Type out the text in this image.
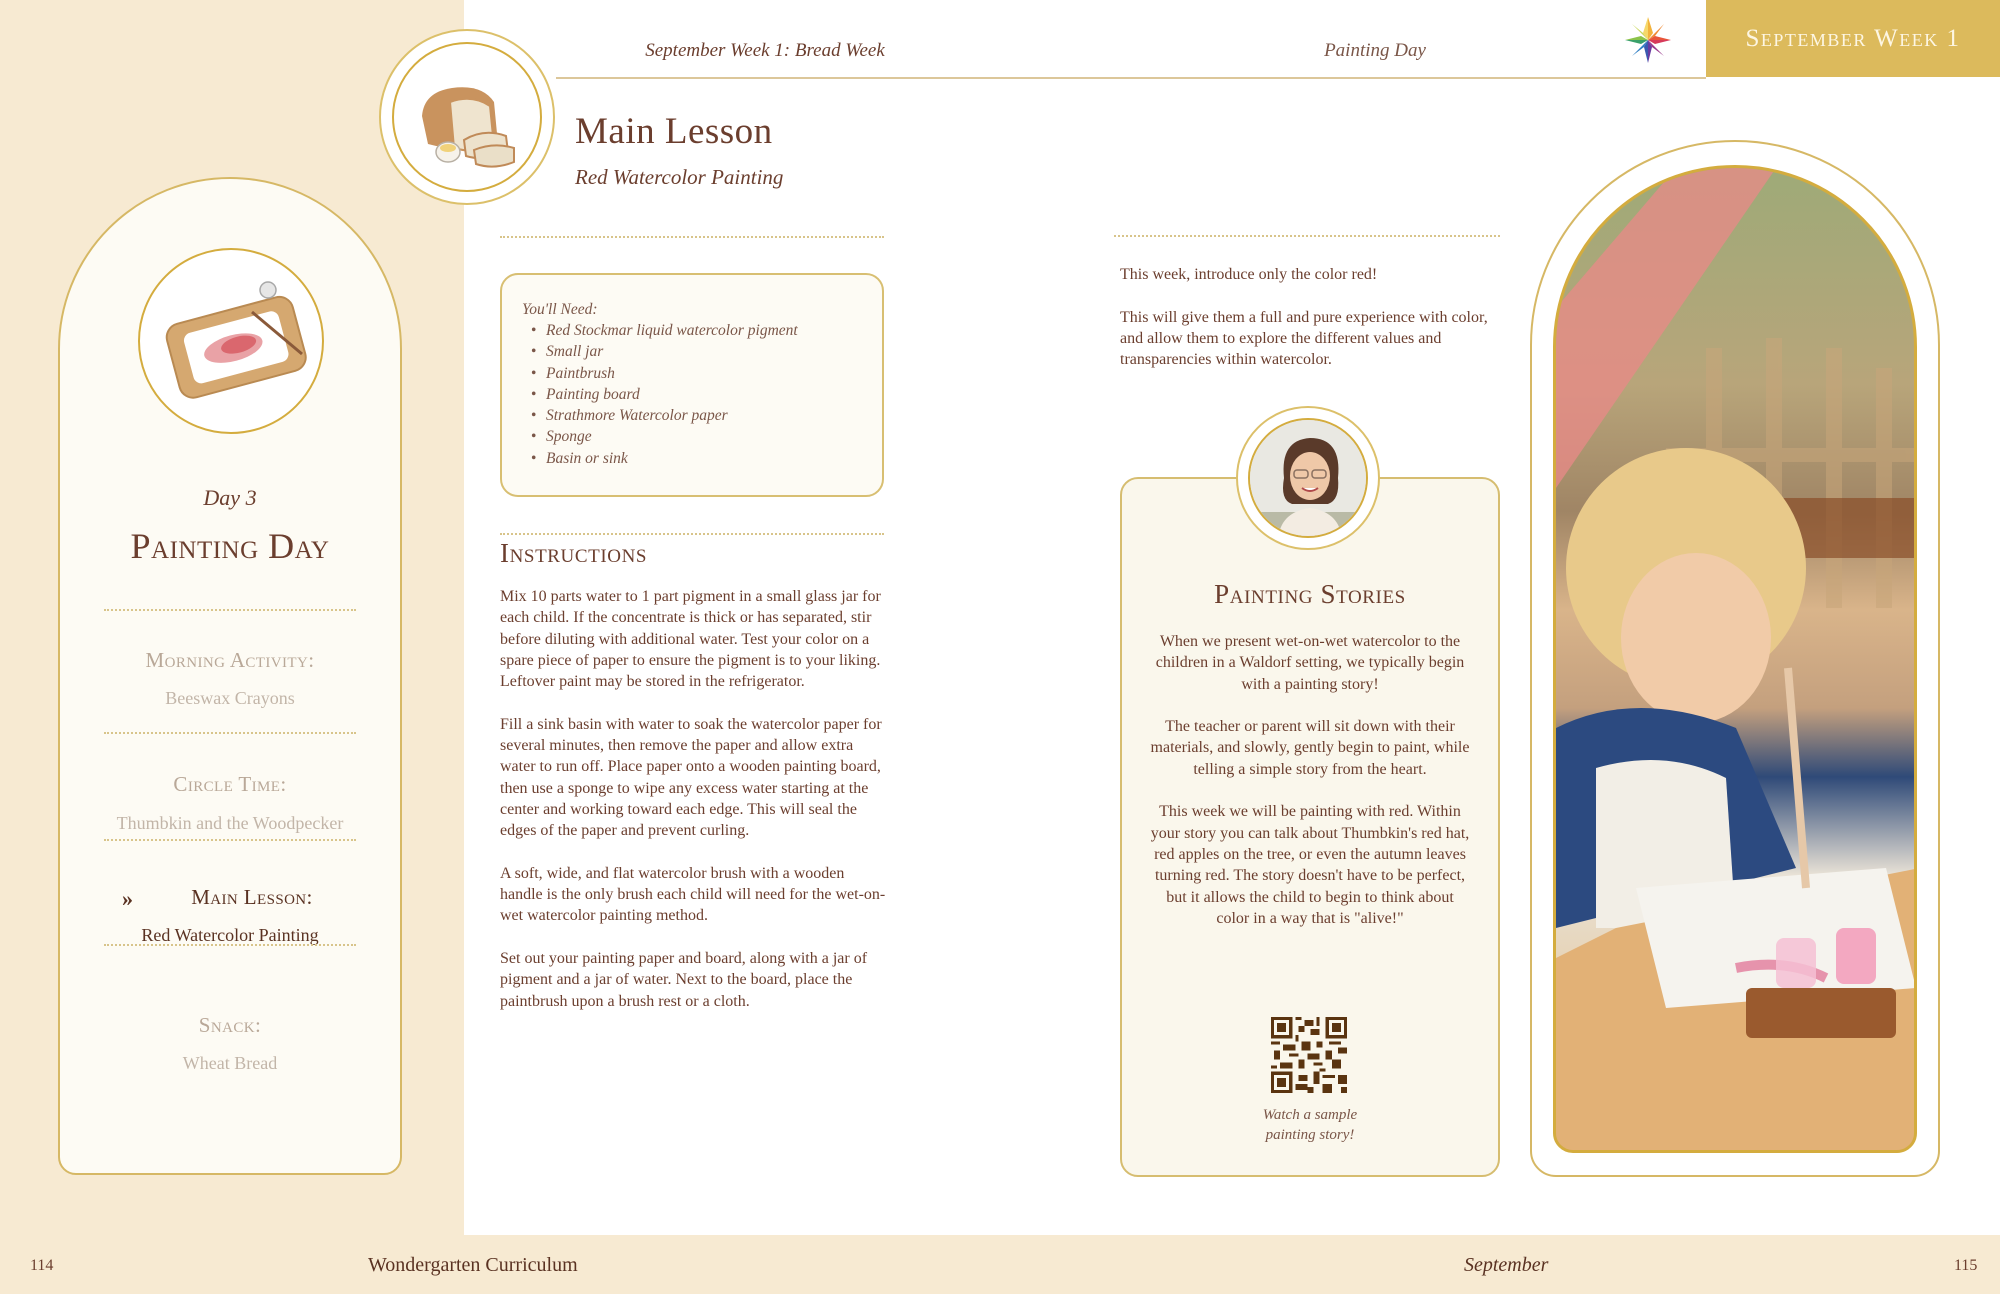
September Week 1: Bread Week	Painting Day	September Week 1
Main Lesson
Red Watercolor Painting
Day 3
Painting Day
Morning Activity:
Beeswax Crayons
Circle Time:
Thumbkin and the Woodpecker
»	Main Lesson:
Red Watercolor Painting
Snack:
Wheat Bread
You'll Need:
• Red Stockmar liquid watercolor pigment
• Small jar
• Paintbrush
• Painting board
• Strathmore Watercolor paper
• Sponge
• Basin or sink
Instructions

Mix 10 parts water to 1 part pigment in a small glass jar for each child. If the concentrate is thick or has separated, stir before diluting with additional water. Test your color on a spare piece of paper to ensure the pigment is to your liking. Leftover paint may be stored in the refrigerator.

Fill a sink basin with water to soak the watercolor paper for several minutes, then remove the paper and allow extra water to run off. Place paper onto a wooden painting board, then use a sponge to wipe any excess water starting at the center and working toward each edge. This will seal the edges of the paper and prevent curling.

A soft, wide, and flat watercolor brush with a wooden handle is the only brush each child will need for the wet-on-wet watercolor painting method.

Set out your painting paper and board, along with a jar of pigment and a jar of water. Next to the board, place the paintbrush upon a brush rest or a cloth.

This week, introduce only the color red!

This will give them a full and pure experience with color, and allow them to explore the different values and transparencies within watercolor.

Painting Stories

When we present wet-on-wet watercolor to the children in a Waldorf setting, we typically begin with a painting story!

The teacher or parent will sit down with their materials, and slowly, gently begin to paint, while telling a simple story from the heart.

This week we will be painting with red. Within your story you can talk about Thumbkin's red hat, red apples on the tree, or even the autumn leaves turning red. The story doesn't have to be perfect, but it allows the child to begin to think about color in a way that is "alive!"

Watch a sample
painting story!
114	Wondergarten Curriculum	September	115
